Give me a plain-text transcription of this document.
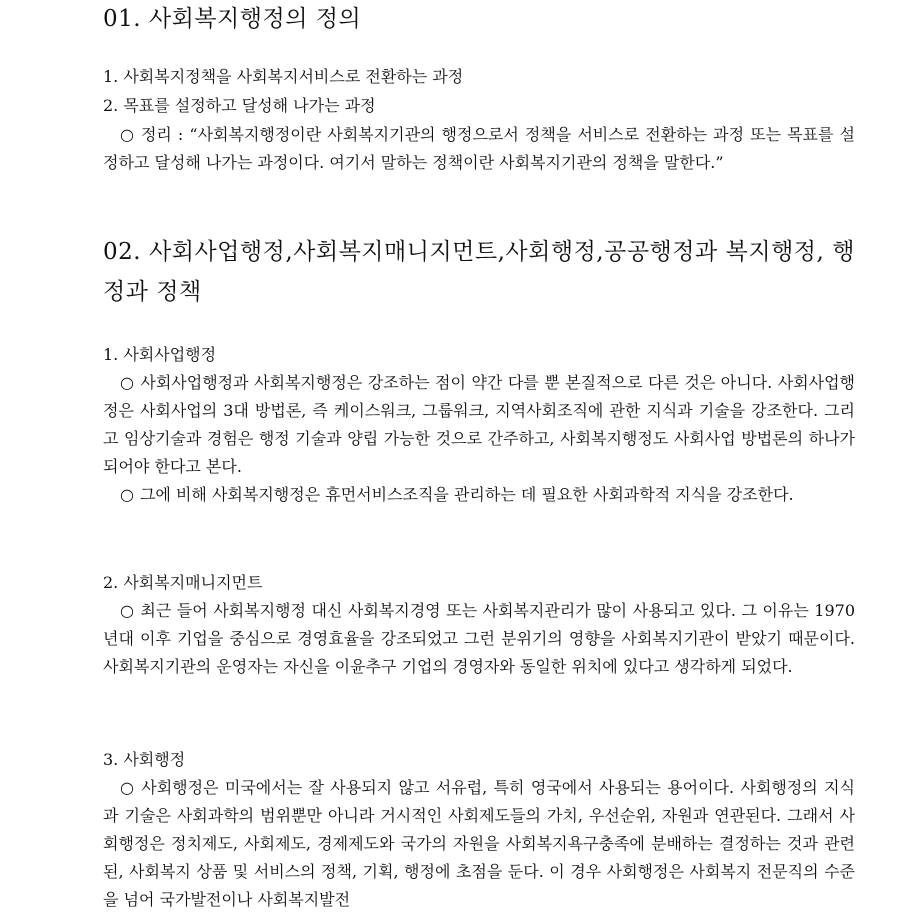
01. 사회복지행정의 정의

1. 사회복지정책을 사회복지서비스로 전환하는 과정

2. 목표를 설정하고 달성해 나가는 과정

○ 정리 : “사회복지행정이란 사회복지기관의 행정으로서 정책을 서비스로 전환하는 과정 또는 목표를 설정하고 달성해 나가는 과정이다. 여기서 말하는 정책이란 사회복지기관의 정책을 말한다.”

02. 사회사업행정,사회복지매니지먼트,사회행정,공공행정과 복지행정, 행정과 정책

1. 사회사업행정

○ 사회사업행정과 사회복지행정은 강조하는 점이 약간 다를 뿐 본질적으로 다른 것은 아니다. 사회사업행정은 사회사업의 3대 방법론, 즉 케이스워크, 그룹워크, 지역사회조직에 관한 지식과 기술을 강조한다. 그리고 임상기술과 경험은 행정 기술과 양립 가능한 것으로 간주하고, 사회복지행정도 사회사업 방법론의 하나가 되어야 한다고 본다.

○ 그에 비해 사회복지행정은 휴먼서비스조직을 관리하는 데 필요한 사회과학적 지식을 강조한다.

2. 사회복지매니지먼트

○ 최근 들어 사회복지행정 대신 사회복지경영 또는 사회복지관리가 많이 사용되고 있다. 그 이유는 1970년대 이후 기업을 중심으로 경영효율을 강조되었고 그런 분위기의 영향을 사회복지기관이 받았기 때문이다. 사회복지기관의 운영자는 자신을 이윤추구 기업의 경영자와 동일한 위치에 있다고 생각하게 되었다.

3. 사회행정

○ 사회행정은 미국에서는 잘 사용되지 않고 서유럽, 특히 영국에서 사용되는 용어이다. 사회행정의 지식과 기술은 사회과학의 범위뿐만 아니라 거시적인 사회제도들의 가치, 우선순위, 자원과 연관된다. 그래서 사회행정은 정치제도, 사회제도, 경제제도와 국가의 자원을 사회복지욕구충족에 분배하는 결정하는 것과 관련된, 사회복지 상품 및 서비스의 정책, 기획, 행정에 초점을 둔다. 이 경우 사회행정은 사회복지 전문직의 수준을 넘어 국가발전이나 사회복지발전
